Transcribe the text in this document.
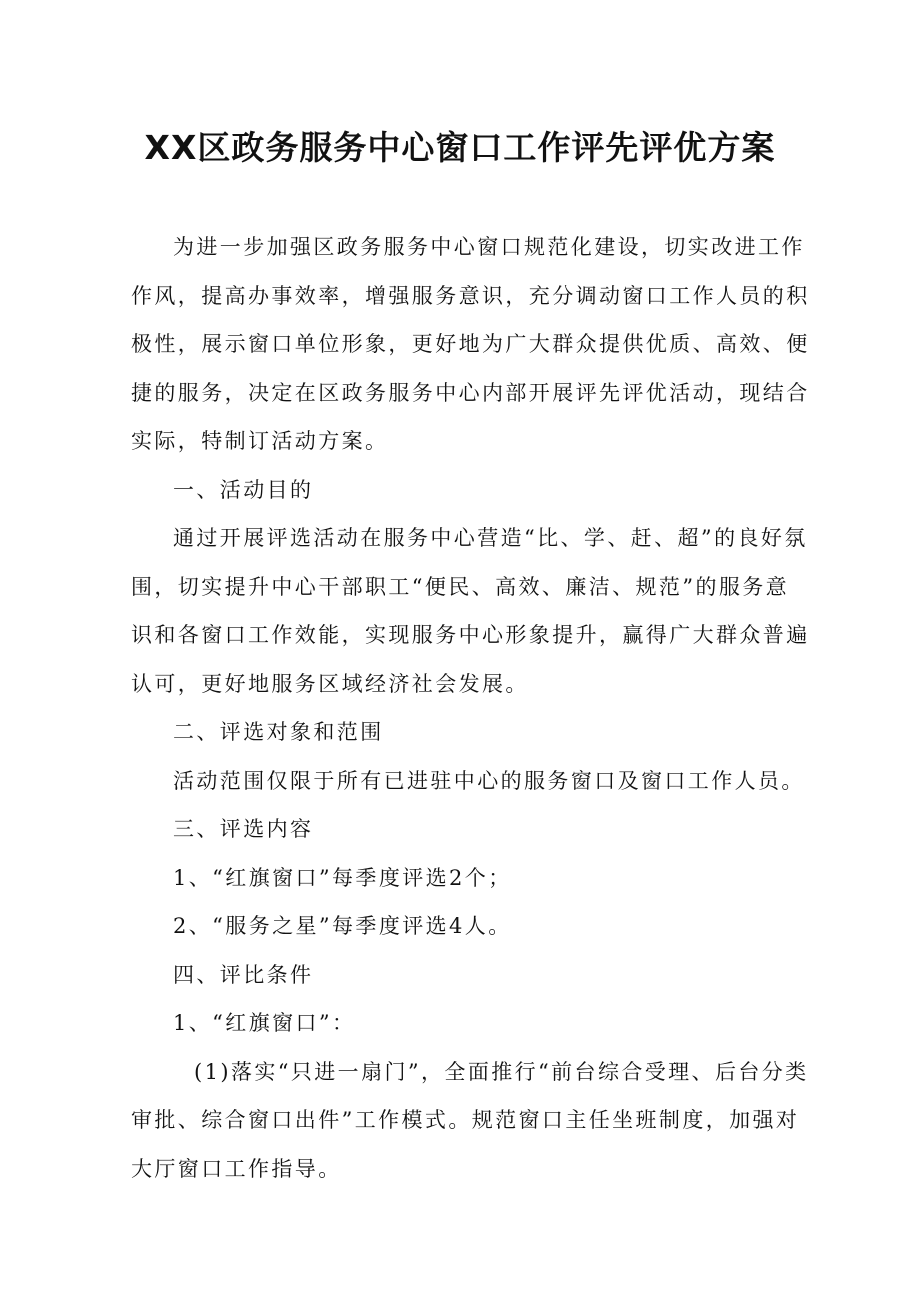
XX区政务服务中心窗口工作评先评优方案

为进一步加强区政务服务中心窗口规范化建设，切实改进工作作风，提高办事效率，增强服务意识，充分调动窗口工作人员的积极性，展示窗口单位形象，更好地为广大群众提供优质、高效、便捷的服务，决定在区政务服务中心内部开展评先评优活动，现结合实际，特制订活动方案。

一、活动目的

通过开展评选活动在服务中心营造“比、学、赶、超”的良好氛围，切实提升中心干部职工“便民、高效、廉洁、规范”的服务意识和各窗口工作效能，实现服务中心形象提升，赢得广大群众普遍认可，更好地服务区域经济社会发展。

二、评选对象和范围

活动范围仅限于所有已进驻中心的服务窗口及窗口工作人员。

三、评选内容

1、“红旗窗口”每季度评选2个；

2、“服务之星”每季度评选4人。

四、评比条件

1、“红旗窗口”：

(1)落实“只进一扇门”，全面推行“前台综合受理、后台分类审批、综合窗口出件”工作模式。规范窗口主任坐班制度，加强对大厅窗口工作指导。
